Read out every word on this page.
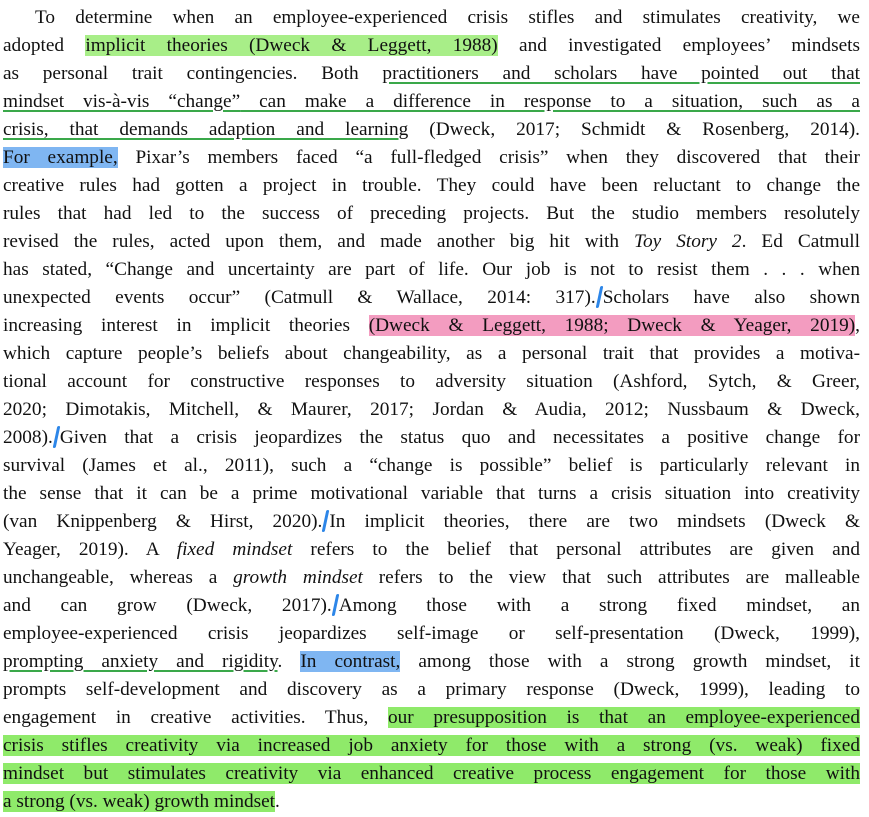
To determine when an employee-experienced crisis stifles and stimulates creativity, we
adopted implicit theories (Dweck & Leggett, 1988) and investigated employees’ mindsets
as personal trait contingencies. Both practitioners and scholars have pointed out that
mindset vis-à-vis “change” can make a difference in response to a situation, such as a
crisis, that demands adaption and learning (Dweck, 2017; Schmidt & Rosenberg, 2014).
For example, Pixar’s members faced “a full-fledged crisis” when they discovered that their
creative rules had gotten a project in trouble. They could have been reluctant to change the
rules that had led to the success of preceding projects. But the studio members resolutely
revised the rules, acted upon them, and made another big hit with Toy Story 2. Ed Catmull
has stated, “Change and uncertainty are part of life. Our job is not to resist them . . . when
unexpected events occur” (Catmull & Wallace, 2014: 317). Scholars have also shown
increasing interest in implicit theories (Dweck & Leggett, 1988; Dweck & Yeager, 2019),
which capture people’s beliefs about changeability, as a personal trait that provides a motiva-
tional account for constructive responses to adversity situation (Ashford, Sytch, & Greer,
2020; Dimotakis, Mitchell, & Maurer, 2017; Jordan & Audia, 2012; Nussbaum & Dweck,
2008). Given that a crisis jeopardizes the status quo and necessitates a positive change for
survival (James et al., 2011), such a “change is possible” belief is particularly relevant in
the sense that it can be a prime motivational variable that turns a crisis situation into creativity
(van Knippenberg & Hirst, 2020). In implicit theories, there are two mindsets (Dweck &
Yeager, 2019). A fixed mindset refers to the belief that personal attributes are given and
unchangeable, whereas a growth mindset refers to the view that such attributes are malleable
and can grow (Dweck, 2017). Among those with a strong fixed mindset, an
employee-experienced crisis jeopardizes self-image or self-presentation (Dweck, 1999),
prompting anxiety and rigidity. In contrast, among those with a strong growth mindset, it
prompts self-development and discovery as a primary response (Dweck, 1999), leading to
engagement in creative activities. Thus, our presupposition is that an employee-experienced
crisis stifles creativity via increased job anxiety for those with a strong (vs. weak) fixed
mindset but stimulates creativity via enhanced creative process engagement for those with
a strong (vs. weak) growth mindset.
